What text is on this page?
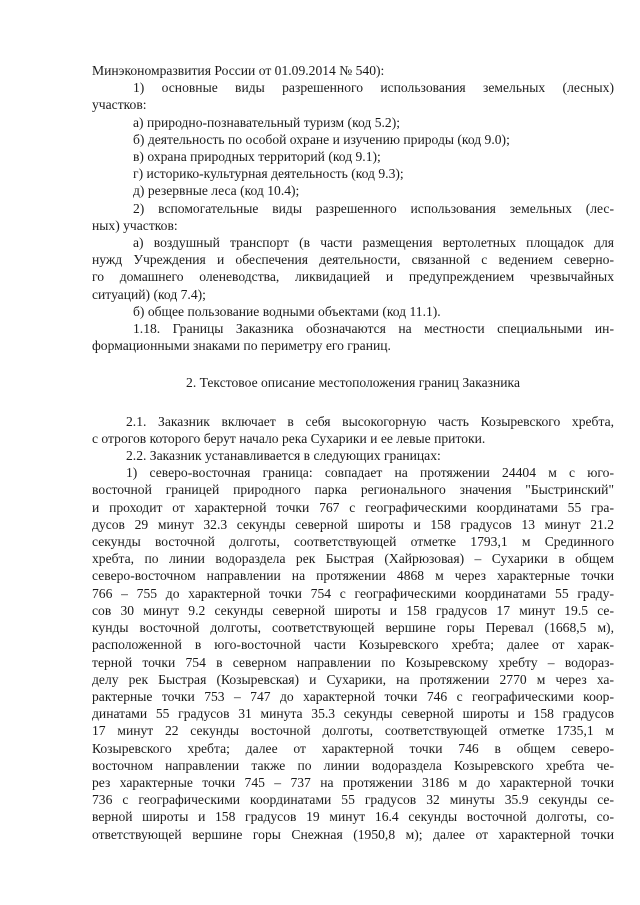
Минэкономразвития России от 01.09.2014 № 540):
1) основные виды разрешенного использования земельных (лесных)
участков:
а) природно-познавательный туризм (код 5.2);
б) деятельность по особой охране и изучению природы (код 9.0);
в) охрана природных территорий (код 9.1);
г) историко-культурная деятельность (код 9.3);
д) резервные леса (код 10.4);
2) вспомогательные виды разрешенного использования земельных (лес-
ных) участков:
а) воздушный транспорт (в части размещения вертолетных площадок для
нужд Учреждения и обеспечения деятельности, связанной с ведением северно-
го домашнего оленеводства, ликвидацией и предупреждением чрезвычайных
ситуаций) (код 7.4);
б) общее пользование водными объектами (код 11.1).
1.18. Границы Заказника обозначаются на местности специальными ин-
формационными знаками по периметру его границ.
2. Текстовое описание местоположения границ Заказника
2.1. Заказник включает в себя высокогорную часть Козыревского хребта,
с отрогов которого берут начало река Сухарики и ее левые притоки.
2.2. Заказник устанавливается в следующих границах:
1) северо-восточная граница: совпадает на протяжении 24404 м с юго-
восточной границей природного парка регионального значения "Быстринский"
и проходит от характерной точки 767 с географическими координатами 55 гра-
дусов 29 минут 32.3 секунды северной широты и 158 градусов 13 минут 21.2
секунды восточной долготы, соответствующей отметке 1793,1 м Срединного
хребта, по линии водораздела рек Быстрая (Хайрюзовая) – Сухарики в общем
северо-восточном направлении на протяжении 4868 м через характерные точки
766 – 755 до характерной точки 754 с географическими координатами 55 граду-
сов 30 минут 9.2 секунды северной широты и 158 градусов 17 минут 19.5 се-
кунды восточной долготы, соответствующей вершине горы Перевал (1668,5 м),
расположенной в юго-восточной части Козыревского хребта; далее от харак-
терной точки 754 в северном направлении по Козыревскому хребту – водораз-
делу рек Быстрая (Козыревская) и Сухарики, на протяжении 2770 м через ха-
рактерные точки 753 – 747 до характерной точки 746 с географическими коор-
динатами 55 градусов 31 минута 35.3 секунды северной широты и 158 градусов
17 минут 22 секунды восточной долготы, соответствующей отметке 1735,1 м
Козыревского хребта; далее от характерной точки 746 в общем северо-
восточном направлении также по линии водораздела Козыревского хребта че-
рез характерные точки 745 – 737 на протяжении 3186 м до характерной точки
736 с географическими координатами 55 градусов 32 минуты 35.9 секунды се-
верной широты и 158 градусов 19 минут 16.4 секунды восточной долготы, со-
ответствующей вершине горы Снежная (1950,8 м); далее от характерной точки
